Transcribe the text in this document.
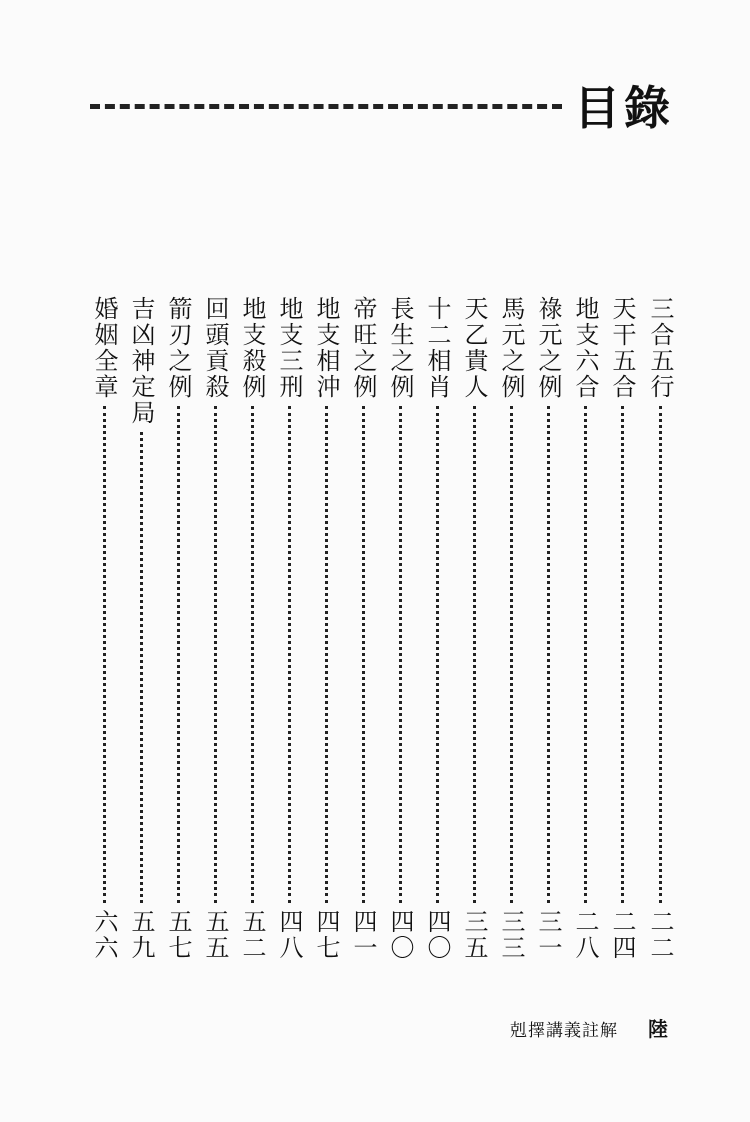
目錄
三合五行
二二
天干五合
二四
地支六合
二八
祿元之例
三一
馬元之例
三三
天乙貴人
三五
十二相肖
四〇
長生之例
四〇
帝旺之例
四一
地支相沖
四七
地支三刑
四八
地支殺例
五二
回頭貢殺
五五
箭刃之例
五七
吉凶神定局
五九
婚姻全章
六六
剋擇講義註解 陸
